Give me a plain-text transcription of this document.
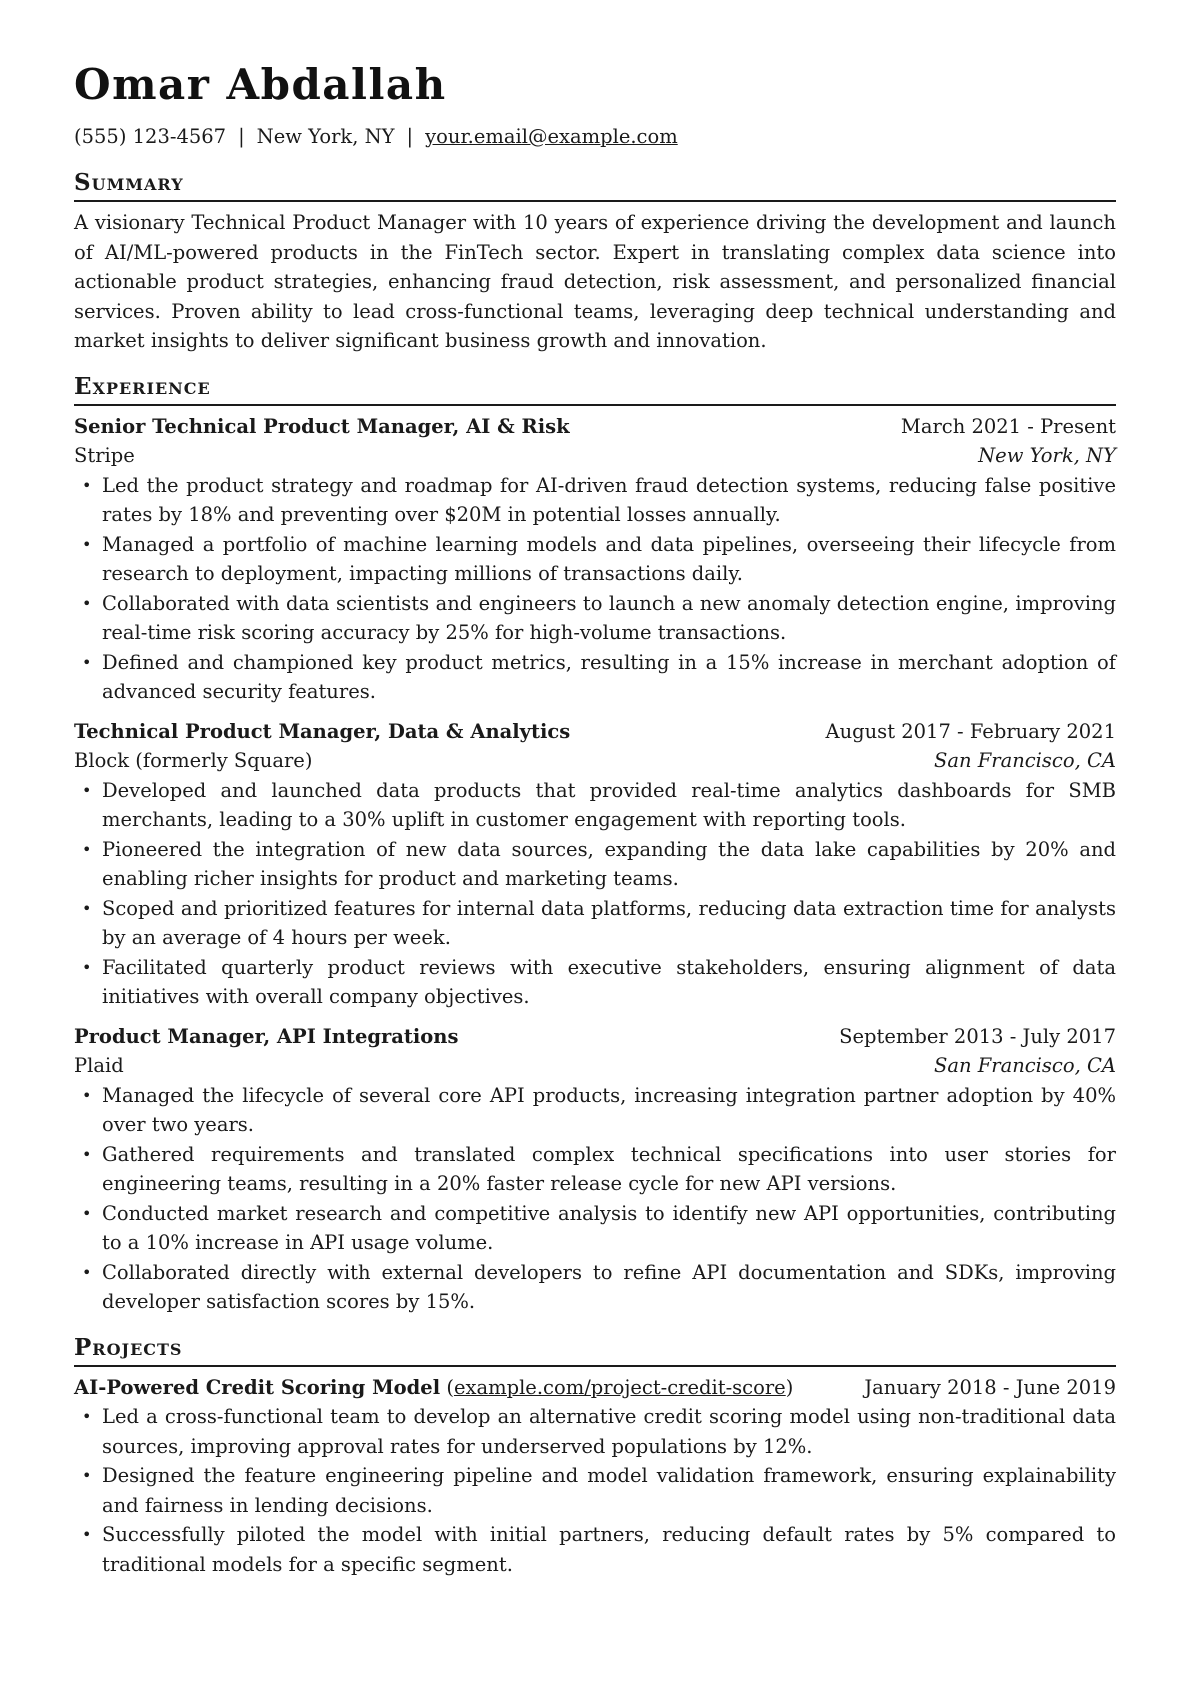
Omar Abdallah
(555) 123-4567 | New York, NY | your.email@example.com
Summary

A visionary Technical Product Manager with 10 years of experience driving the development and launch of AI/ML-powered products in the FinTech sector. Expert in translating complex data science into actionable product strategies, enhancing fraud detection, risk assessment, and personalized financial services. Proven ability to lead cross-functional teams, leveraging deep technical understanding and market insights to deliver significant business growth and innovation.

Experience
Senior Technical Product Manager, AI & Risk	March 2021 - Present
Stripe	New York, NY
• Led the product strategy and roadmap for AI-driven fraud detection systems, reducing false positive rates by 18% and preventing over $20M in potential losses annually.
• Managed a portfolio of machine learning models and data pipelines, overseeing their lifecycle from research to deployment, impacting millions of transactions daily.
• Collaborated with data scientists and engineers to launch a new anomaly detection engine, improving real-time risk scoring accuracy by 25% for high-volume transactions.
• Defined and championed key product metrics, resulting in a 15% increase in merchant adoption of advanced security features.
Technical Product Manager, Data & Analytics	August 2017 - February 2021
Block (formerly Square)	San Francisco, CA
• Developed and launched data products that provided real-time analytics dashboards for SMB merchants, leading to a 30% uplift in customer engagement with reporting tools.
• Pioneered the integration of new data sources, expanding the data lake capabilities by 20% and enabling richer insights for product and marketing teams.
• Scoped and prioritized features for internal data platforms, reducing data extraction time for analysts by an average of 4 hours per week.
• Facilitated quarterly product reviews with executive stakeholders, ensuring alignment of data initiatives with overall company objectives.
Product Manager, API Integrations	September 2013 - July 2017
Plaid	San Francisco, CA
• Managed the lifecycle of several core API products, increasing integration partner adoption by 40% over two years.
• Gathered requirements and translated complex technical specifications into user stories for engineering teams, resulting in a 20% faster release cycle for new API versions.
• Conducted market research and competitive analysis to identify new API opportunities, contributing to a 10% increase in API usage volume.
• Collaborated directly with external developers to refine API documentation and SDKs, improving developer satisfaction scores by 15%.
Projects
AI-Powered Credit Scoring Model (example.com/project-credit-score)	January 2018 - June 2019
• Led a cross-functional team to develop an alternative credit scoring model using non-traditional data sources, improving approval rates for underserved populations by 12%.
• Designed the feature engineering pipeline and model validation framework, ensuring explainability and fairness in lending decisions.
• Successfully piloted the model with initial partners, reducing default rates by 5% compared to traditional models for a specific segment.
